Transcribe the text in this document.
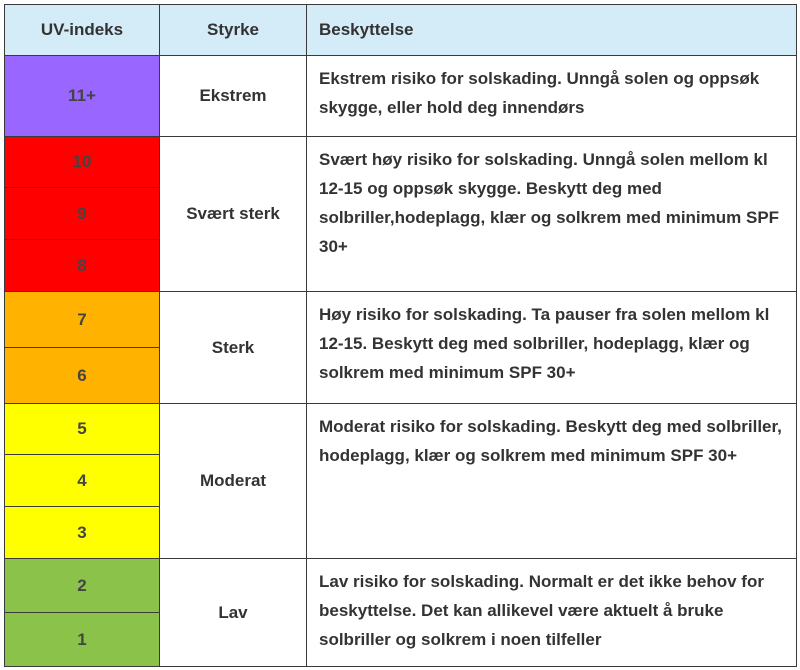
UV-indeks	Styrke	Beskyttelse
11+	Ekstrem	Ekstrem risiko for solskading. Unngå solen og oppsøk skygge, eller hold deg innendørs
10	Svært sterk	Svært høy risiko for solskading. Unngå solen mellom kl 12-15 og oppsøk skygge. Beskytt deg med solbriller,hodeplagg, klær og solkrem med minimum SPF 30+
9		
8		
7	Sterk	Høy risiko for solskading. Ta pauser fra solen mellom kl 12-15. Beskytt deg med solbriller, hodeplagg, klær og solkrem med minimum SPF 30+
6		
5	Moderat	Moderat risiko for solskading. Beskytt deg med solbriller, hodeplagg, klær og solkrem med minimum SPF 30+
4		
3		
2	Lav	Lav risiko for solskading. Normalt er det ikke behov for beskyttelse. Det kan allikevel være aktuelt å bruke solbriller og solkrem i noen tilfeller
1		
